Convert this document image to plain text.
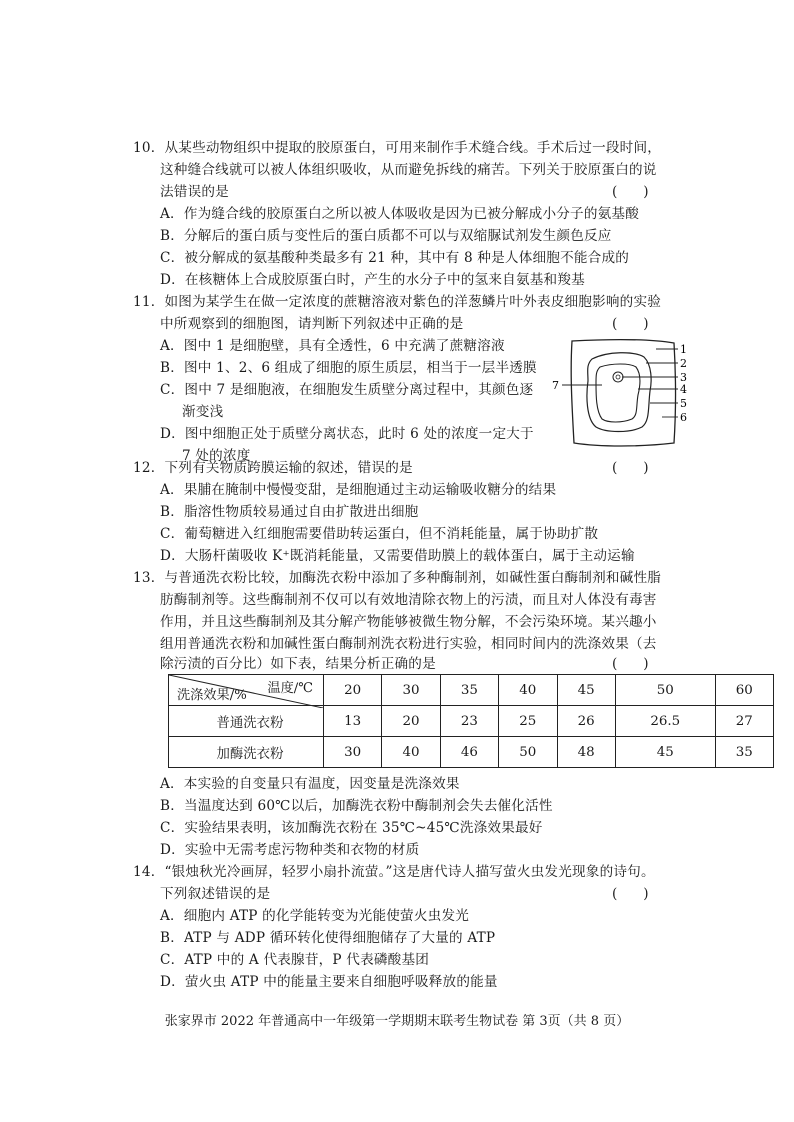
10．从某些动物组织中提取的胶原蛋白，可用来制作手术缝合线。手术后过一段时间，
这种缝合线就可以被人体组织吸收，从而避免拆线的痛苦。下列关于胶原蛋白的说
法错误的是	(      )
A．作为缝合线的胶原蛋白之所以被人体吸收是因为已被分解成小分子的氨基酸
B．分解后的蛋白质与变性后的蛋白质都不可以与双缩脲试剂发生颜色反应
C．被分解成的氨基酸种类最多有 21 种，其中有 8 种是人体细胞不能合成的
D．在核糖体上合成胶原蛋白时，产生的水分子中的氢来自氨基和羧基
11．如图为某学生在做一定浓度的蔗糖溶液对紫色的洋葱鳞片叶外表皮细胞影响的实验
中所观察到的细胞图，请判断下列叙述中正确的是	(      )
A．图中 1 是细胞壁，具有全透性，6 中充满了蔗糖溶液
B．图中 1、2、6 组成了细胞的原生质层，相当于一层半透膜
C．图中 7 是细胞液，在细胞发生质壁分离过程中，其颜色逐
渐变浅
D．图中细胞正处于质壁分离状态，此时 6 处的浓度一定大于
7 处的浓度
1
2
3
4
5
6
7
12．下列有关物质跨膜运输的叙述，错误的是	(      )
A．果脯在腌制中慢慢变甜，是细胞通过主动运输吸收糖分的结果
B．脂溶性物质较易通过自由扩散进出细胞
C．葡萄糖进入红细胞需要借助转运蛋白，但不消耗能量，属于协助扩散
D．大肠杆菌吸收 K⁺既消耗能量，又需要借助膜上的载体蛋白，属于主动运输
13．与普通洗衣粉比较，加酶洗衣粉中添加了多种酶制剂，如碱性蛋白酶制剂和碱性脂
肪酶制剂等。这些酶制剂不仅可以有效地清除衣物上的污渍，而且对人体没有毒害
作用，并且这些酶制剂及其分解产物能够被微生物分解，不会污染环境。某兴趣小
组用普通洗衣粉和加碱性蛋白酶制剂洗衣粉进行实验，相同时间内的洗涤效果（去
除污渍的百分比）如下表，结果分析正确的是	(      )
温度/℃
洗涤效果/%	20	30	35	40	45	50	60
普通洗衣粉	13	20	23	25	26	26.5	27
加酶洗衣粉	30	40	46	50	48	45	35
A．本实验的自变量只有温度，因变量是洗涤效果
B．当温度达到 60℃以后，加酶洗衣粉中酶制剂会失去催化活性
C．实验结果表明，该加酶洗衣粉在 35℃~45℃洗涤效果最好
D．实验中无需考虑污物种类和衣物的材质
14．“银烛秋光冷画屏，轻罗小扇扑流萤。”这是唐代诗人描写萤火虫发光现象的诗句。
下列叙述错误的是	(      )
A．细胞内 ATP 的化学能转变为光能使萤火虫发光
B．ATP 与 ADP 循环转化使得细胞储存了大量的 ATP
C．ATP 中的 A 代表腺苷，P 代表磷酸基团
D．萤火虫 ATP 中的能量主要来自细胞呼吸释放的能量
张家界市 2022 年普通高中一年级第一学期期末联考生物试卷 第 3页（共 8 页）
